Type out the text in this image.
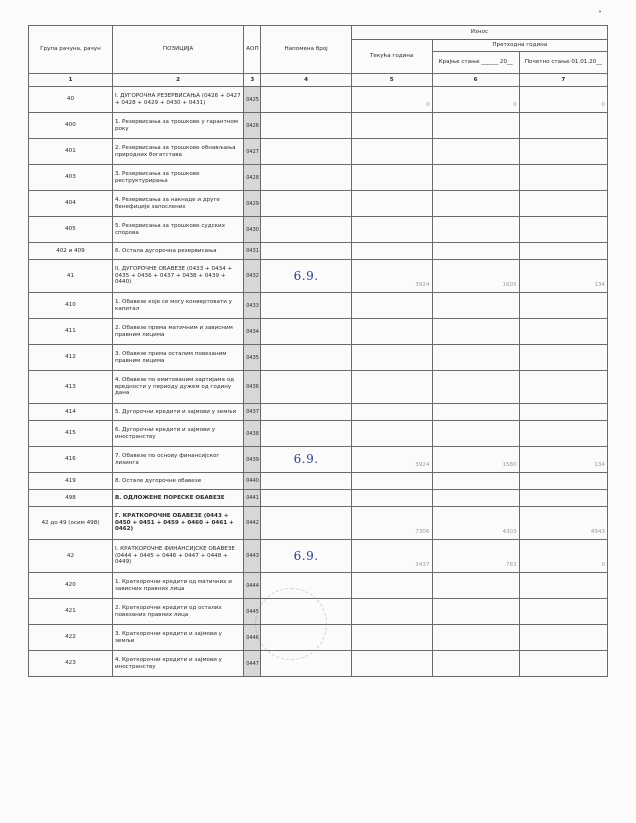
•
Група рачуна, рачун	ПОЗИЦИЈА	АОП	Напомена број	Износ		
				Текућа година	Претходна година	
					Крајње стање ______ 20__	Почетно стање 01.01.20__
1	2	3	4	5	6	7
40	I. ДУГОРОЧНА РЕЗЕРВИСАЊА (0426 + 0427 + 0428 + 0429 + 0430 + 0431)	0425		0	0	0
400	1. Резервисања за трошкове у гарантном року	0426				
401	2. Резервисања за трошкове обнављања природних богатстава	0427				
403	3. Резервисања за трошкове реструктурирања	0428				
404	4. Резервисања за накнаде и друге бенефиције запослених	0429				
405	5. Резервисања за трошкове судских спорова	0430				
402 и 409	6. Остала дугорочна резервисања	0431				
41	II. ДУГОРОЧНЕ ОБАВЕЗЕ (0433 + 0434 + 0435 + 0436 + 0437 + 0438 + 0439 + 0440)	0432	6.9.	3924	1605	134
410	1. Обавезе које се могу конвертовати у капитал	0433				
411	2. Обавезе према матичним и зависним правним лицима	0434				
412	3. Обавезе према осталим повезаним правним лицима	0435				
413	4. Обавезе по емитованим хартијама од вредности у периоду дужем од годину дана	0436				
414	5. Дугорочни кредити и зајмови у земљи	0437				
415	6. Дугорочни кредити и зајмови у иностранству	0438				
416	7. Обавезе по основу финансијског лизинга	0439	6.9.	3924	1580	134
419	8. Остале дугорочне обавезе	0440				
498	В. ОДЛОЖЕНЕ ПОРЕСКЕ ОБАВЕЗЕ	0441				
42 до 49 (осим 498)	Г. КРАТКОРОЧНЕ ОБАВЕЗЕ (0443 + 0450 + 0451 + 0459 + 0460 + 0461 + 0462)	0442		7306	4303	4943
42	I. КРАТКОРОЧНЕ ФИНАНСИЈСКЕ ОБАВЕЗЕ (0444 + 0445 + 0446 + 0447 + 0448 + 0449)	0443	6.9.	3437	783	0
420	1. Краткорочни кредити од матичних и зависних правних лица	0444				
421	2. Краткорочни кредити од осталих повезаних правних лица	0445				
422	3. Краткорочни кредити и зајмови у земљи	0446				
423	4. Краткорочни кредити и зајмови у иностранству	0447				
